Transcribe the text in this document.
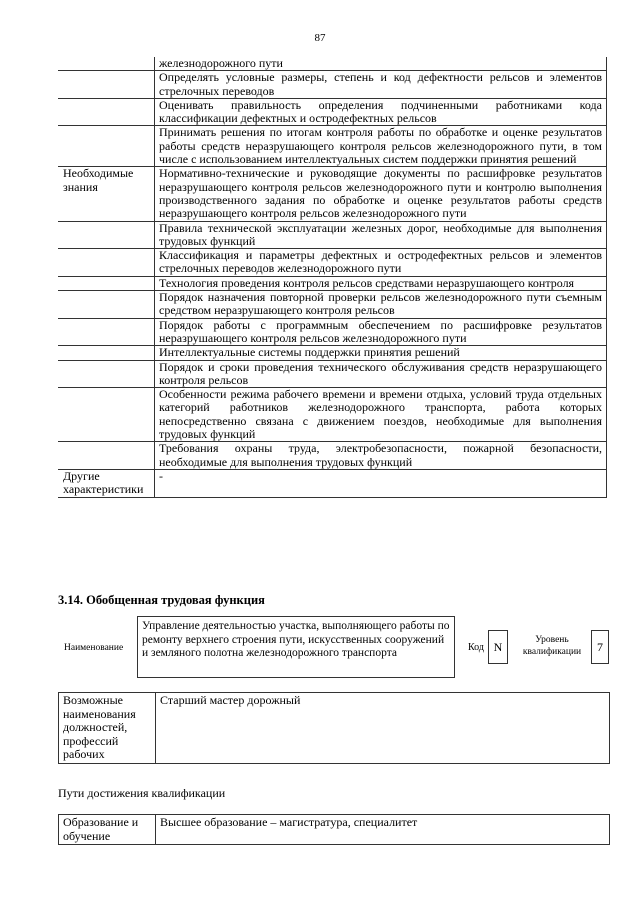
87
	железнодорожного пути
	Определять условные размеры, степень и код дефектности рельсов и элементов стрелочных переводов
	Оценивать правильность определения подчиненными работниками кода классификации дефектных и остродефектных рельсов
	Принимать решения по итогам контроля работы по обработке и оценке результатов работы средств неразрушающего контроля рельсов железнодорожного пути, в том числе с использованием интеллектуальных систем поддержки принятия решений
Необходимые знания	Нормативно-технические и руководящие документы по расшифровке результатов неразрушающего контроля рельсов железнодорожного пути и контролю выполнения производственного задания по обработке и оценке результатов работы средств неразрушающего контроля рельсов железнодорожного пути
	Правила технической эксплуатации железных дорог, необходимые для выполнения трудовых функций
	Классификация и параметры дефектных и остродефектных рельсов и элементов стрелочных переводов железнодорожного пути
	Технология проведения контроля рельсов средствами неразрушающего контроля
	Порядок назначения повторной проверки рельсов железнодорожного пути съемным средством неразрушающего контроля рельсов
	Порядок работы с программным обеспечением по расшифровке результатов неразрушающего контроля рельсов железнодорожного пути
	Интеллектуальные системы поддержки принятия решений
	Порядок и сроки проведения технического обслуживания средств неразрушающего контроля рельсов
	Особенности режима рабочего времени и времени отдыха, условий труда отдельных категорий работников железнодорожного транспорта, работа которых непосредственно связана с движением поездов, необходимые для выполнения трудовых функций
	Требования охраны труда, электробезопасности, пожарной безопасности, необходимые для выполнения трудовых функций
Другие характеристики	-
3.14. Обобщенная трудовая функция
Наименование
Управление деятельностью участка, выполняющего работы по ремонту верхнего строения пути, искусственных сооружений и земляного полотна железнодорожного транспорта	Код N	Уровень квалификации	7
Возможные наименования должностей, профессий рабочих	Старший мастер дорожный
Пути достижения квалификации
Образование и обучение	Высшее образование – магистратура, специалитет
